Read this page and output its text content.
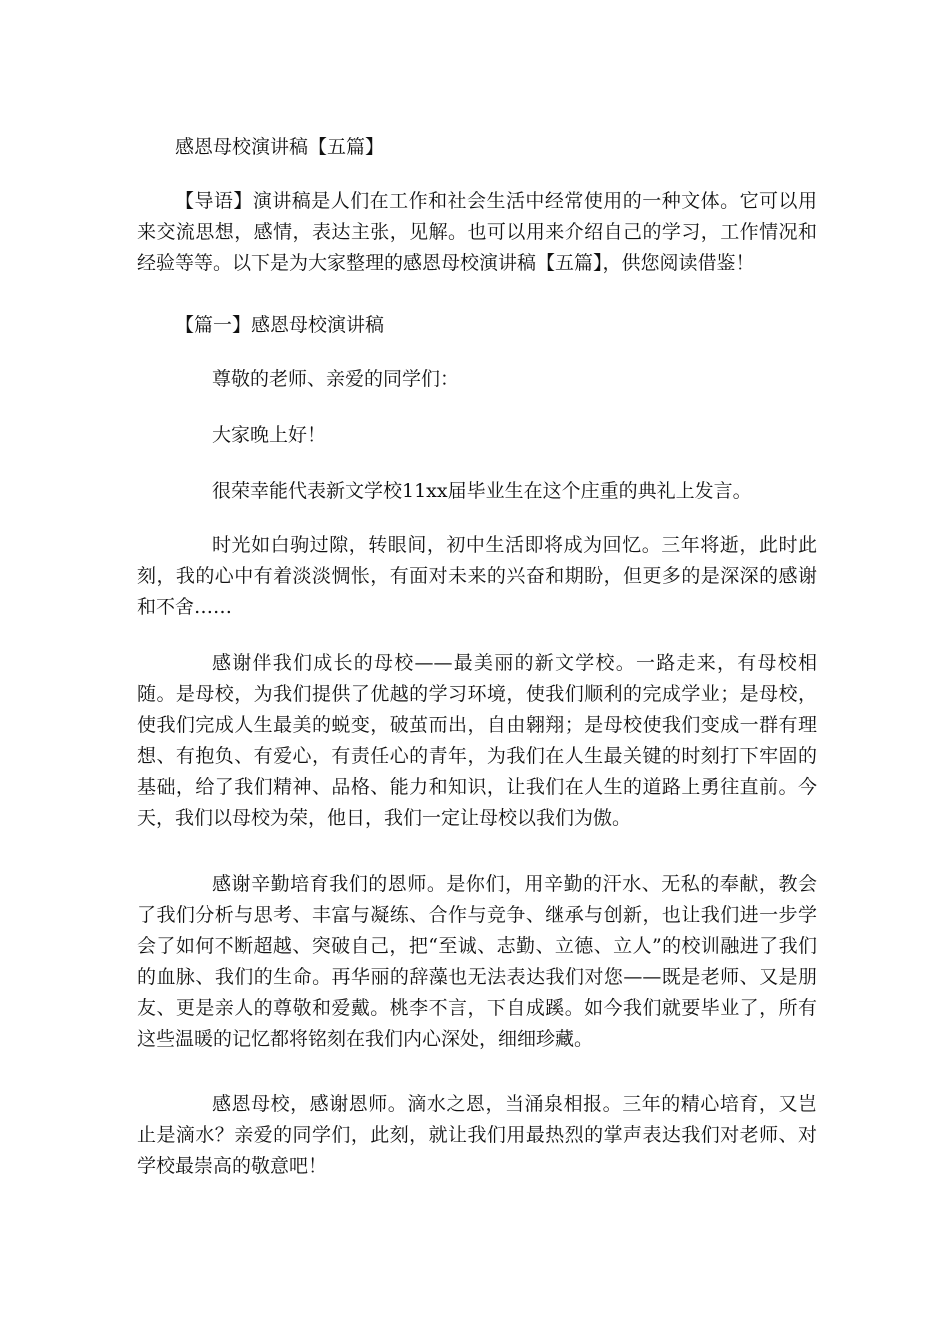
感恩母校演讲稿【五篇】

【导语】演讲稿是人们在工作和社会生活中经常使用的一种文体。它可以用来交流思想，感情，表达主张，见解。也可以用来介绍自己的学习，工作情况和经验等等。以下是为大家整理的感恩母校演讲稿【五篇】，供您阅读借鉴！

【篇一】感恩母校演讲稿
尊敬的老师、亲爱的同学们：
大家晚上好！
很荣幸能代表新文学校11xx届毕业生在这个庄重的典礼上发言。

时光如白驹过隙，转眼间，初中生活即将成为回忆。三年将逝，此时此刻，我的心中有着淡淡惆怅，有面对未来的兴奋和期盼，但更多的是深深的感谢和不舍……

感谢伴我们成长的母校——最美丽的新文学校。一路走来，有母校相随。是母校，为我们提供了优越的学习环境，使我们顺利的完成学业；是母校，使我们完成人生最美的蜕变，破茧而出，自由翱翔；是母校使我们变成一群有理想、有抱负、有爱心，有责任心的青年，为我们在人生最关键的时刻打下牢固的基础，给了我们精神、品格、能力和知识，让我们在人生的道路上勇往直前。今天，我们以母校为荣，他日，我们一定让母校以我们为傲。

感谢辛勤培育我们的恩师。是你们，用辛勤的汗水、无私的奉献，教会了我们分析与思考、丰富与凝练、合作与竞争、继承与创新，也让我们进一步学会了如何不断超越、突破自己，把“至诚、志勤、立德、立人”的校训融进了我们的血脉、我们的生命。再华丽的辞藻也无法表达我们对您——既是老师、又是朋友、更是亲人的尊敬和爱戴。桃李不言，下自成蹊。如今我们就要毕业了，所有这些温暖的记忆都将铭刻在我们内心深处，细细珍藏。

感恩母校，感谢恩师。滴水之恩，当涌泉相报。三年的精心培育，又岂止是滴水？亲爱的同学们，此刻，就让我们用最热烈的掌声表达我们对老师、对学校最崇高的敬意吧！
